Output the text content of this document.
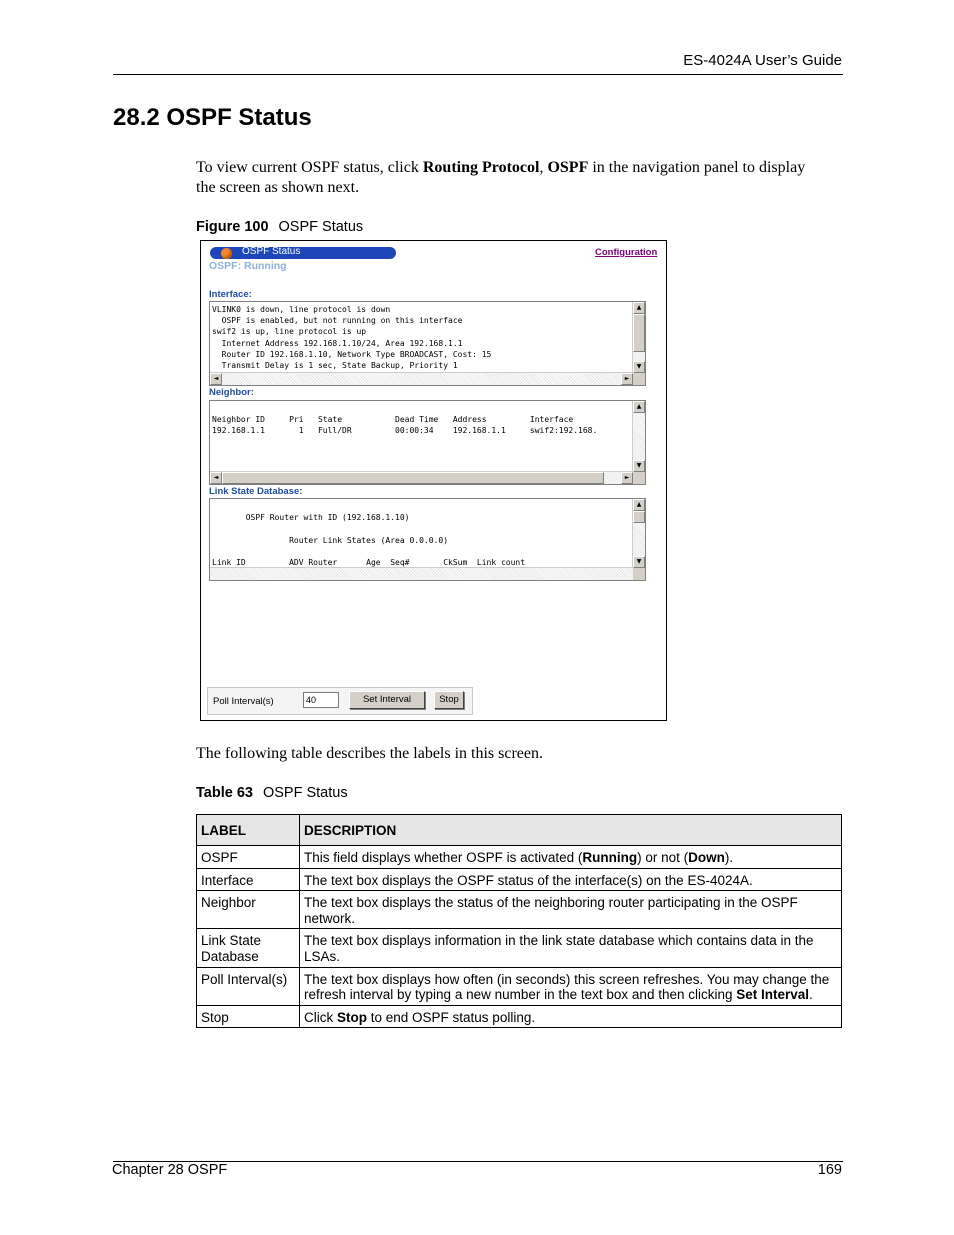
ES-4024A User’s Guide
28.2 OSPF Status
To view current OSPF status, click Routing Protocol, OSPF in the navigation panel to display the screen as shown next.
Figure 100 OSPF Status
OSPF Status	Configuration
OSPF: Running
Interface:
VLINK0 is down, line protocol is down
OSPF is enabled, but not running on this interface
swif2 is up, line protocol is up
Internet Address 192.168.1.10/24, Area 192.168.1.1
Router ID 192.168.1.10, Network Type BROADCAST, Cost: 15
Transmit Delay is 1 sec, State Backup, Priority 1
▲
▼
◄	►
Neighbor:

Neighbor ID     Pri   State           Dead Time   Address         Interface
192.168.1.1       1   Full/DR         00:00:34    192.168.1.1     swif2:192.168.
▲
▼
◄	►
Link State Database:

OSPF Router with ID (192.168.1.10)

Router Link States (Area 0.0.0.0)

Link ID         ADV Router      Age  Seq#       CkSum  Link count
▲
▼
Poll Interval(s)	40	Set Interval	Stop
The following table describes the labels in this screen.
Table 63 OSPF Status
LABEL	DESCRIPTION
OSPF	This field displays whether OSPF is activated (Running) or not (Down).
Interface	The text box displays the OSPF status of the interface(s) on the ES-4024A.
Neighbor	The text box displays the status of the neighboring router participating in the OSPF network.
Link State Database	The text box displays information in the link state database which contains data in the LSAs.
Poll Interval(s)	The text box displays how often (in seconds) this screen refreshes. You may change the refresh interval by typing a new number in the text box and then clicking Set Interval.
Stop	Click Stop to end OSPF status polling.
Chapter 28 OSPF	169
